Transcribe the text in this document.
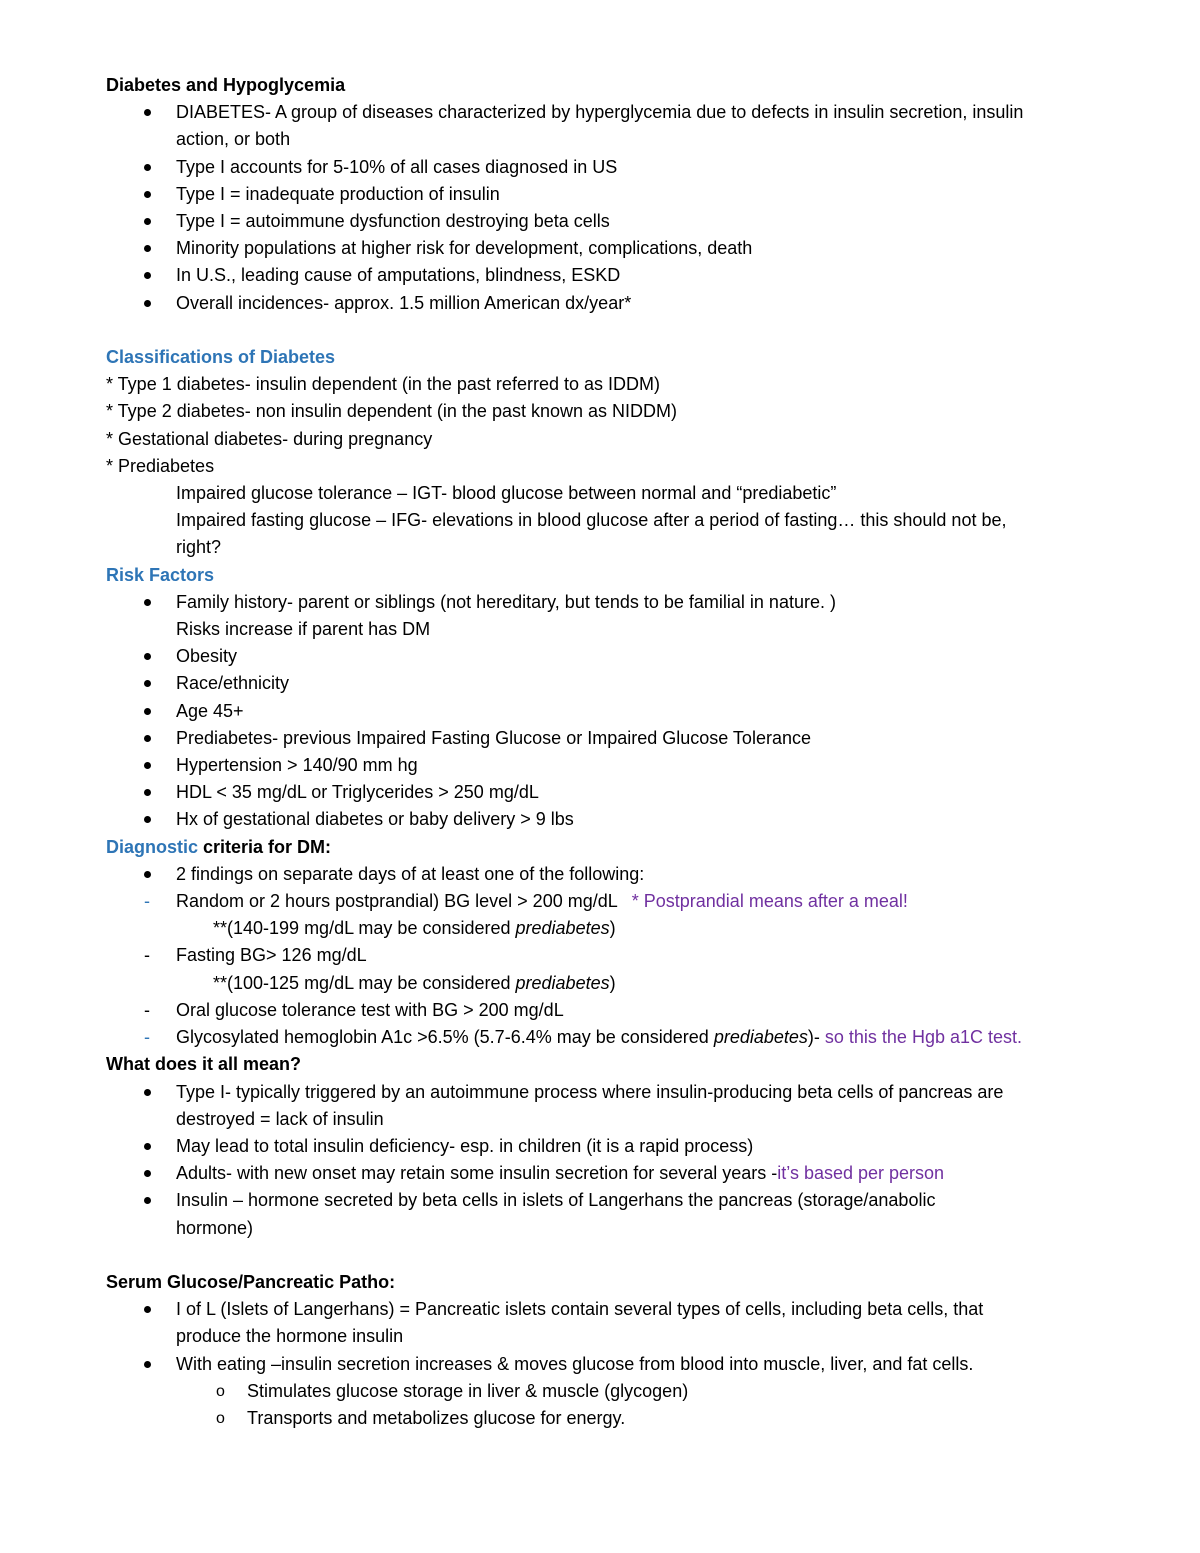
Diabetes and Hypoglycemia
DIABETES- A group of diseases characterized by hyperglycemia due to defects in insulin secretion, insulin
action, or both
Type I accounts for 5-10% of all cases diagnosed in US
Type I = inadequate production of insulin
Type I = autoimmune dysfunction destroying beta cells
Minority populations at higher risk for development, complications, death
In U.S., leading cause of amputations, blindness, ESKD
Overall incidences- approx. 1.5 million American dx/year*
Classifications of Diabetes
* Type 1 diabetes- insulin dependent (in the past referred to as IDDM)
* Type 2 diabetes- non insulin dependent (in the past known as NIDDM)
* Gestational diabetes- during pregnancy
* Prediabetes
Impaired glucose tolerance – IGT- blood glucose between normal and “prediabetic”
Impaired fasting glucose – IFG- elevations in blood glucose after a period of fasting… this should not be,
right?
Risk Factors
Family history- parent or siblings (not hereditary, but tends to be familial in nature. )
Risks increase if parent has DM
Obesity
Race/ethnicity
Age 45+
Prediabetes- previous Impaired Fasting Glucose or Impaired Glucose Tolerance
Hypertension > 140/90 mm hg
HDL < 35 mg/dL or Triglycerides > 250 mg/dL
Hx of gestational diabetes or baby delivery > 9 lbs
Diagnostic criteria for DM:
2 findings on separate days of at least one of the following:
- Random or 2 hours postprandial) BG level > 200 mg/dL * Postprandial means after a meal!
**(140-199 mg/dL may be considered prediabetes)
- Fasting BG> 126 mg/dL
**(100-125 mg/dL may be considered prediabetes)
- Oral glucose tolerance test with BG > 200 mg/dL
- Glycosylated hemoglobin A1c >6.5% (5.7-6.4% may be considered prediabetes)- so this the Hgb a1C test.
What does it all mean?
Type I- typically triggered by an autoimmune process where insulin-producing beta cells of pancreas are
destroyed = lack of insulin
May lead to total insulin deficiency- esp. in children (it is a rapid process)
Adults- with new onset may retain some insulin secretion for several years -it’s based per person
Insulin – hormone secreted by beta cells in islets of Langerhans the pancreas (storage/anabolic
hormone)
Serum Glucose/Pancreatic Patho:
I of L (Islets of Langerhans) = Pancreatic islets contain several types of cells, including beta cells, that
produce the hormone insulin
With eating –insulin secretion increases & moves glucose from blood into muscle, liver, and fat cells.
o Stimulates glucose storage in liver & muscle (glycogen)
o Transports and metabolizes glucose for energy.
